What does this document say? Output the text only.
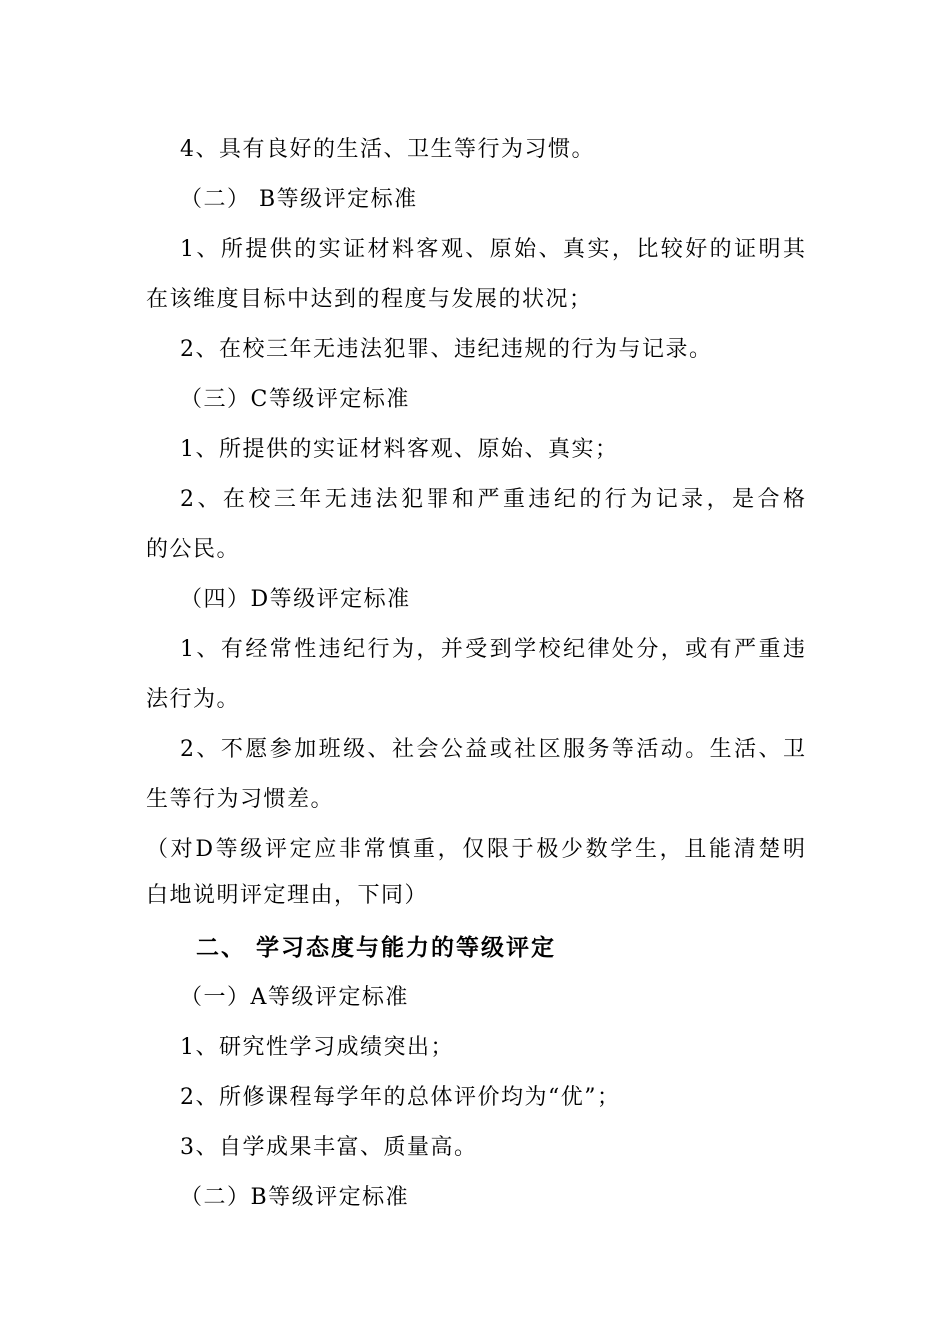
4、具有良好的生活、卫生等行为习惯。
（二） B等级评定标准
1、所提供的实证材料客观、原始、真实，比较好的证明其
在该维度目标中达到的程度与发展的状况；
2、在校三年无违法犯罪、违纪违规的行为与记录。
（三）C等级评定标准
1、所提供的实证材料客观、原始、真实；
2、在校三年无违法犯罪和严重违纪的行为记录，是合格
的公民。
（四）D等级评定标准
1、有经常性违纪行为，并受到学校纪律处分，或有严重违
法行为。
2、不愿参加班级、社会公益或社区服务等活动。生活、卫
生等行为习惯差。
（对D等级评定应非常慎重，仅限于极少数学生，且能清楚明
白地说明评定理由，下同）
二、 学习态度与能力的等级评定
（一）A等级评定标准
1、研究性学习成绩突出；
2、所修课程每学年的总体评价均为“优”；
3、自学成果丰富、质量高。
（二）B等级评定标准
